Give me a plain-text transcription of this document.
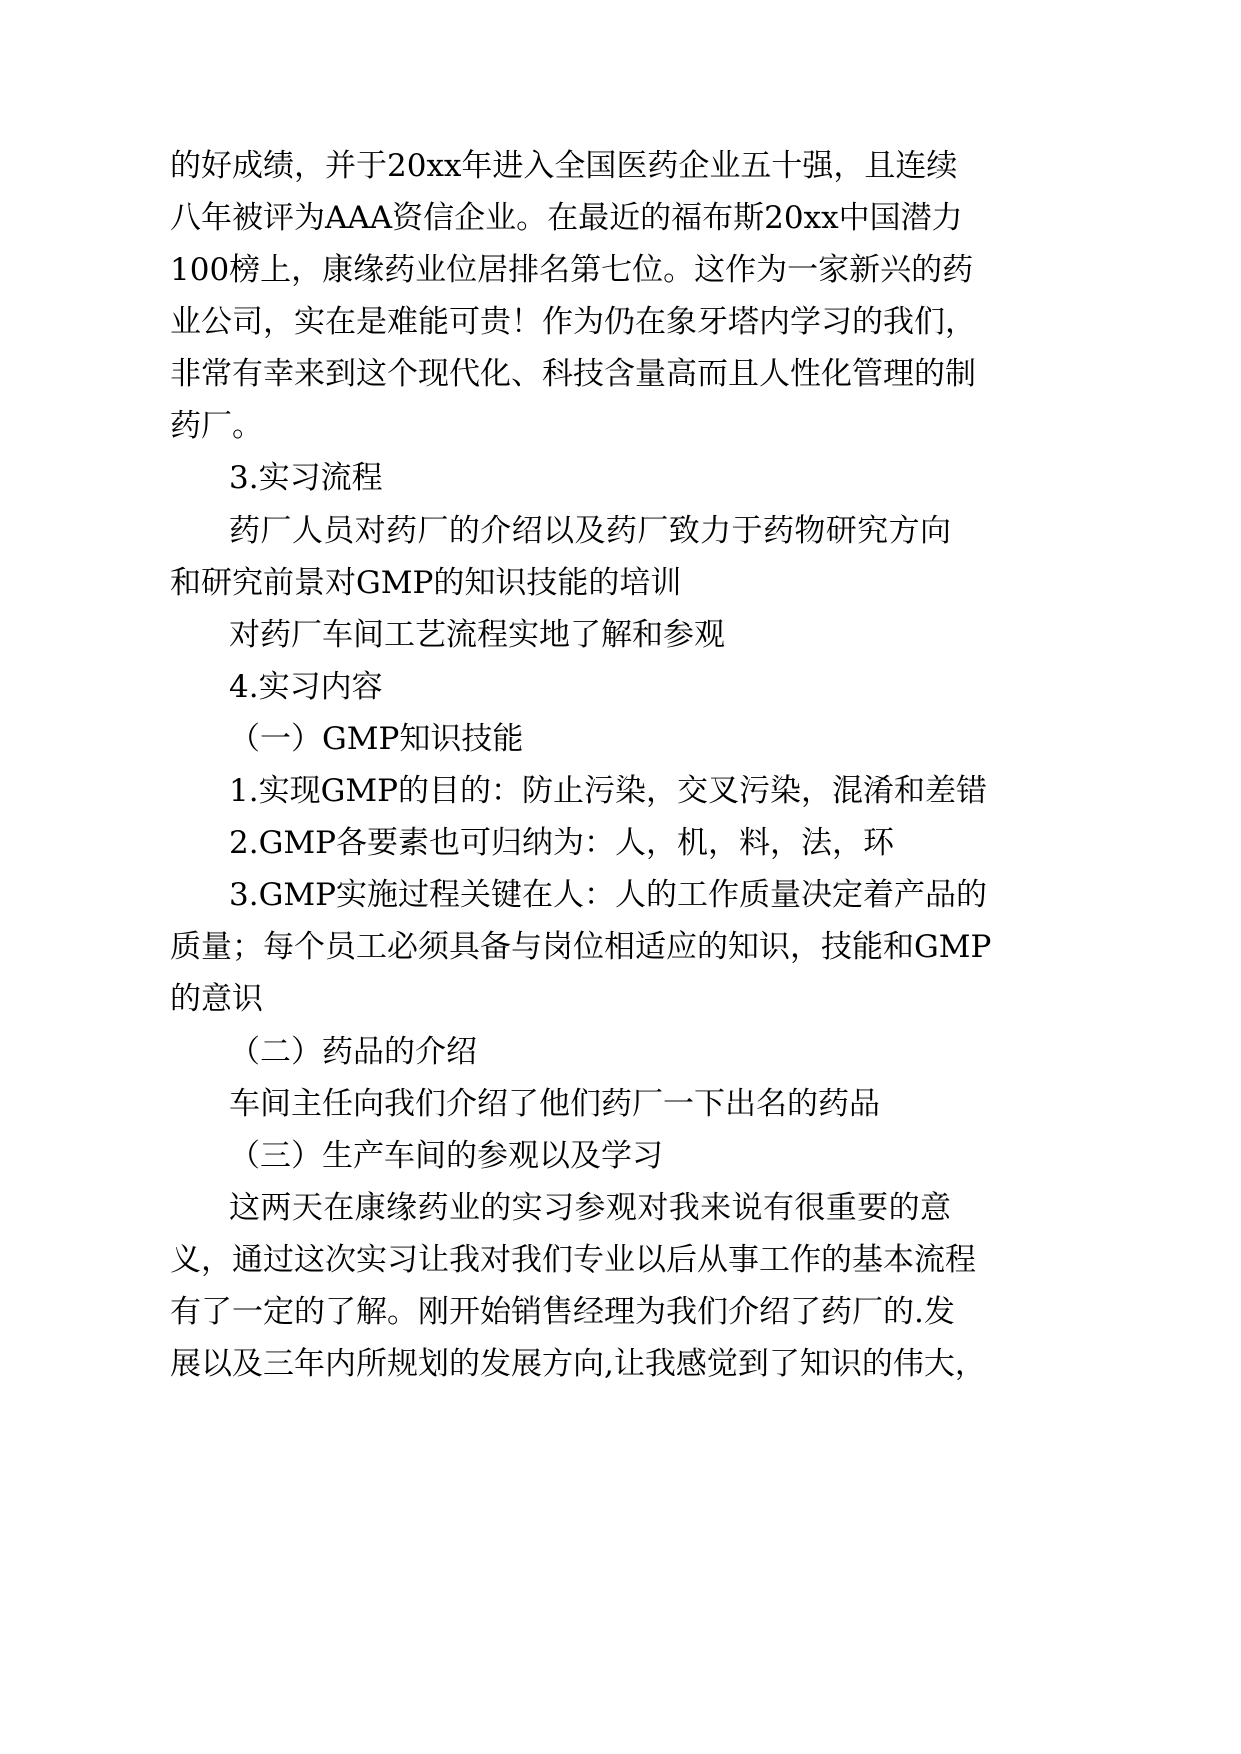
的好成绩，并于20xx年进入全国医药企业五十强，且连续
八年被评为AAA资信企业。在最近的福布斯20xx中国潜力
100榜上，康缘药业位居排名第七位。这作为一家新兴的药
业公司，实在是难能可贵！作为仍在象牙塔内学习的我们，
非常有幸来到这个现代化、科技含量高而且人性化管理的制
药厂。
3.实习流程
药厂人员对药厂的介绍以及药厂致力于药物研究方向
和研究前景对GMP的知识技能的培训
对药厂车间工艺流程实地了解和参观
4.实习内容
（一）GMP知识技能
1.实现GMP的目的：防止污染，交叉污染，混淆和差错
2.GMP各要素也可归纳为：人，机，料，法，环
3.GMP实施过程关键在人：人的工作质量决定着产品的
质量；每个员工必须具备与岗位相适应的知识，技能和GMP
的意识
（二）药品的介绍
车间主任向我们介绍了他们药厂一下出名的药品
（三）生产车间的参观以及学习
这两天在康缘药业的实习参观对我来说有很重要的意
义，通过这次实习让我对我们专业以后从事工作的基本流程
有了一定的了解。刚开始销售经理为我们介绍了药厂的.发
展以及三年内所规划的发展方向,让我感觉到了知识的伟大，
